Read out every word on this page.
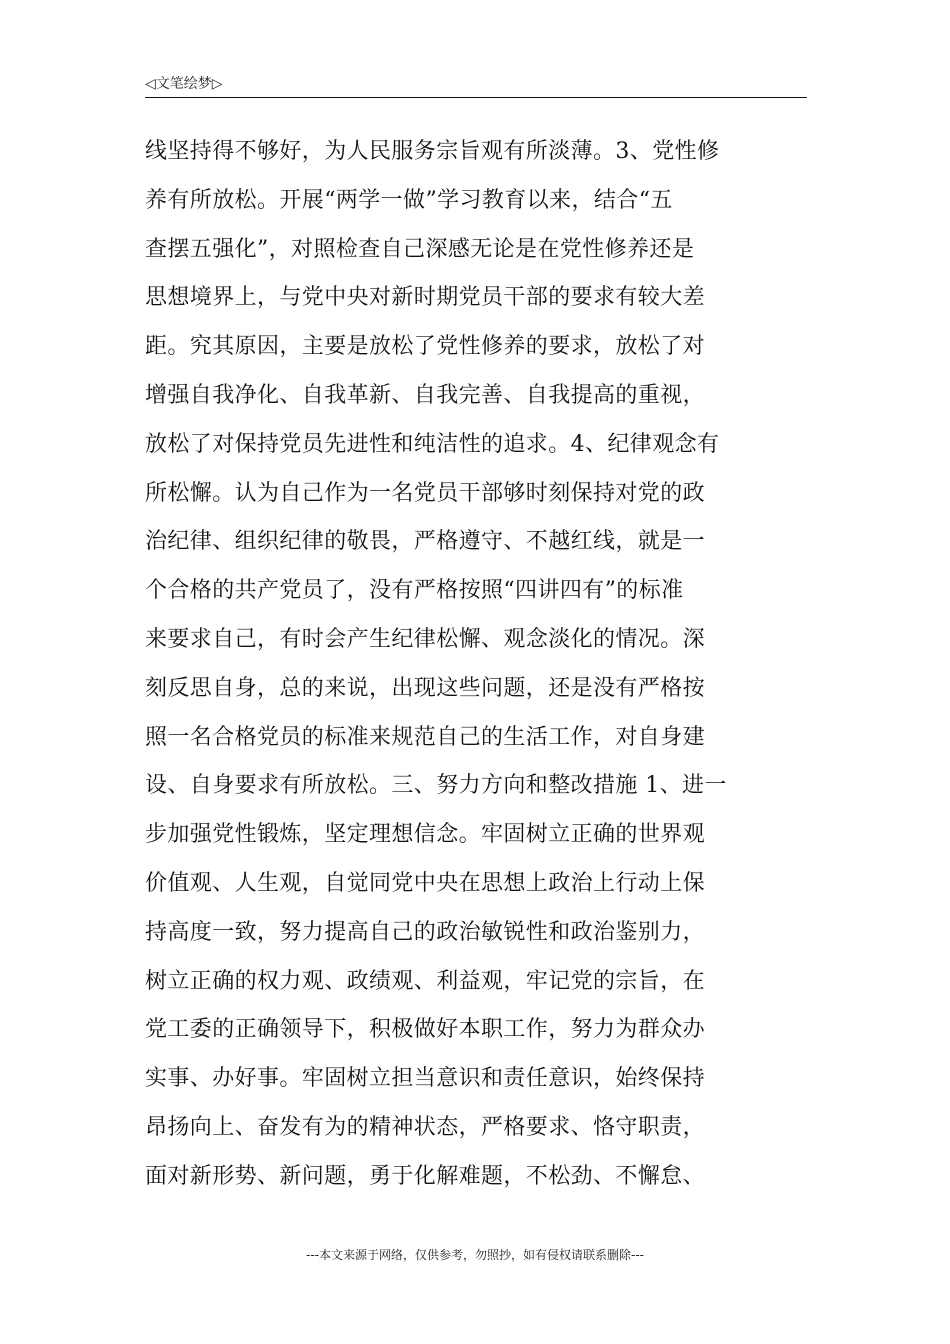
◁文笔绘梦▷
线坚持得不够好，为人民服务宗旨观有所淡薄。3、党性修
养有所放松。开展“两学一做”学习教育以来，结合“五
查摆五强化”，对照检查自己深感无论是在党性修养还是
思想境界上，与党中央对新时期党员干部的要求有较大差
距。究其原因，主要是放松了党性修养的要求，放松了对
增强自我净化、自我革新、自我完善、自我提高的重视，
放松了对保持党员先进性和纯洁性的追求。4、纪律观念有
所松懈。认为自己作为一名党员干部够时刻保持对党的政
治纪律、组织纪律的敬畏，严格遵守、不越红线，就是一
个合格的共产党员了，没有严格按照“四讲四有”的标准
来要求自己，有时会产生纪律松懈、观念淡化的情况。深
刻反思自身，总的来说，出现这些问题，还是没有严格按
照一名合格党员的标准来规范自己的生活工作，对自身建
设、自身要求有所放松。三、努力方向和整改措施 1、进一
步加强党性锻炼，坚定理想信念。牢固树立正确的世界观
价值观、人生观，自觉同党中央在思想上政治上行动上保
持高度一致，努力提高自己的政治敏锐性和政治鉴别力，
树立正确的权力观、政绩观、利益观，牢记党的宗旨，在
党工委的正确领导下，积极做好本职工作，努力为群众办
实事、办好事。牢固树立担当意识和责任意识，始终保持
昂扬向上、奋发有为的精神状态，严格要求、恪守职责，
面对新形势、新问题，勇于化解难题，不松劲、不懈怠、
---本文来源于网络，仅供参考，勿照抄，如有侵权请联系删除---
